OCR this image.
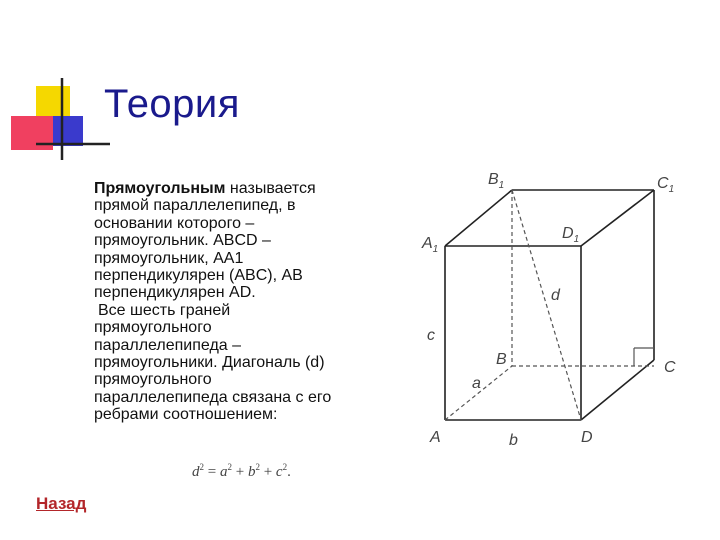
Теория

Прямоугольным называется
прямой параллелепипед, в
основании которого –
прямоугольник. ABCD –
прямоугольник, AA1
перпендикулярен (ABC), AB
перпендикулярен AD.

Все шесть граней
прямоугольного
параллелепипеда –
прямоугольники. Диагональ (d)
прямоугольного
параллелепипеда связана с его
ребрами соотношением:

$d^2 = a^2 + b^2 + c^2$.
Назад
$B_1$	$C_1$
$A_1$
$D_1$
d
c
B	C
a
A	b	D
